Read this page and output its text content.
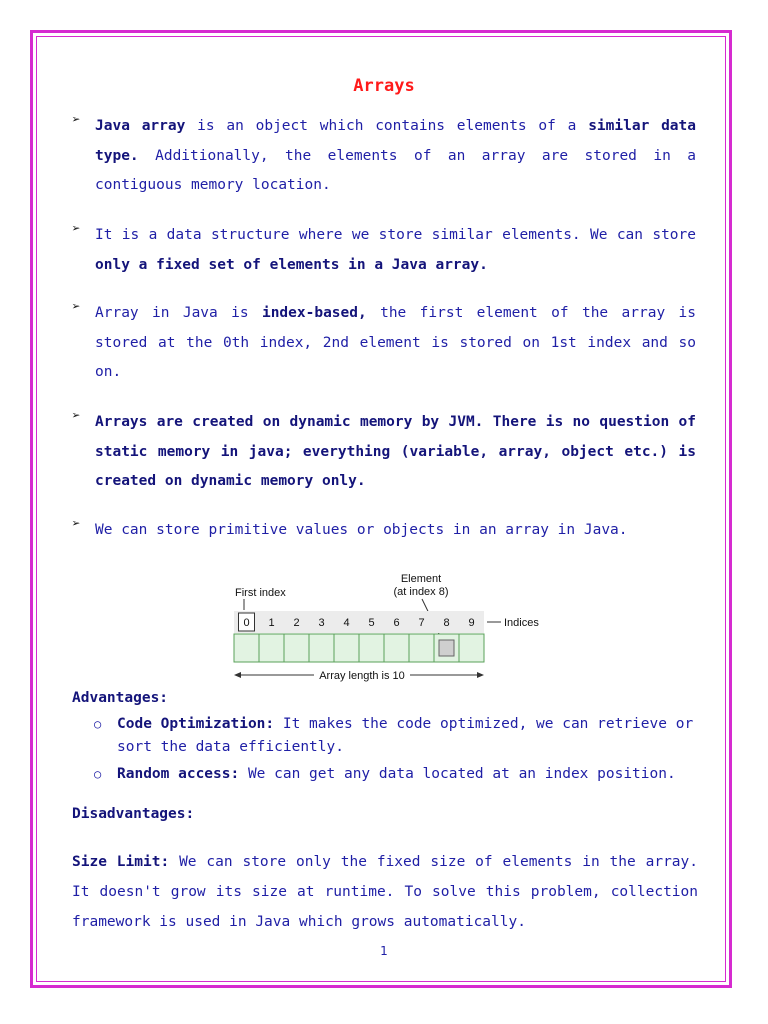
Arrays
➢ Java array is an object which contains elements of a similar data type. Additionally, the elements of an array are stored in a contiguous memory location.
➢ It is a data structure where we store similar elements. We can store only a fixed set of elements in a Java array.
➢ Array in Java is index-based, the first element of the array is stored at the 0th index, 2nd element is stored on 1st index and so on.
➢ Arrays are created on dynamic memory by JVM. There is no question of static memory in java; everything (variable, array, object etc.) is created on dynamic memory only.
➢ We can store primitive values or objects in an array in Java.
First index
Element
(at index 8)
0 1 2 3 4 5 6 7 8 9	Indices
Array length is 10
Advantages:
○ Code Optimization: It makes the code optimized, we can retrieve or sort the data efficiently.
○ Random access: We can get any data located at an index position.
Disadvantages:
Size Limit: We can store only the fixed size of elements in the array. It doesn't grow its size at runtime. To solve this problem, collection framework is used in Java which grows automatically.
1
